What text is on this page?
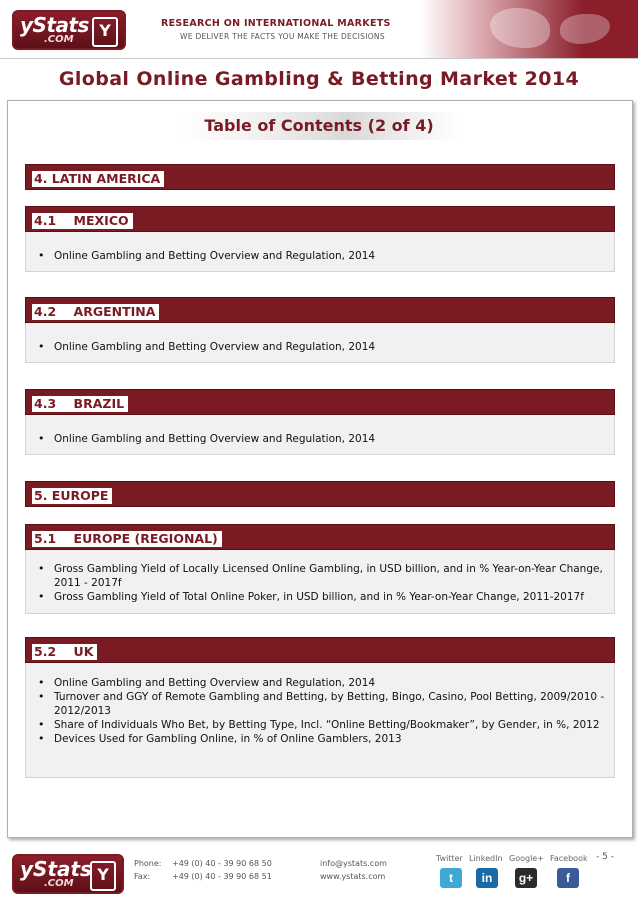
yStats
.COM	Y	RESEARCH ON INTERNATIONAL MARKETS
WE DELIVER THE FACTS YOU MAKE THE DECISIONS
Global Online Gambling & Betting Market 2014
Table of Contents (2 of 4)
4. LATIN AMERICA
4.1    MEXICO
• Online Gambling and Betting Overview and Regulation, 2014
4.2    ARGENTINA
• Online Gambling and Betting Overview and Regulation, 2014
4.3    BRAZIL
• Online Gambling and Betting Overview and Regulation, 2014
5. EUROPE
5.1    EUROPE (REGIONAL)
• Gross Gambling Yield of Locally Licensed Online Gambling, in USD billion, and in % Year-on-Year Change, 2011 - 2017f
• Gross Gambling Yield of Total Online Poker, in USD billion, and in % Year-on-Year Change, 2011-2017f
5.2    UK
• Online Gambling and Betting Overview and Regulation, 2014
• Turnover and GGY of Remote Gambling and Betting, by Betting, Bingo, Casino, Pool Betting, 2009/2010 - 2012/2013
• Share of Individuals Who Bet, by Betting Type, Incl. “Online Betting/Bookmaker”, by Gender, in %, 2012
• Devices Used for Gambling Online, in % of Online Gamblers, 2013
yStats
.COM	Y
Phone:
Fax:
+49 (0) 40 - 39 90 68 50
+49 (0) 40 - 39 90 68 51
info@ystats.com
www.ystats.com
Twitter LinkedIn Google+ Facebook
t	in	g+	f
- 5 -
